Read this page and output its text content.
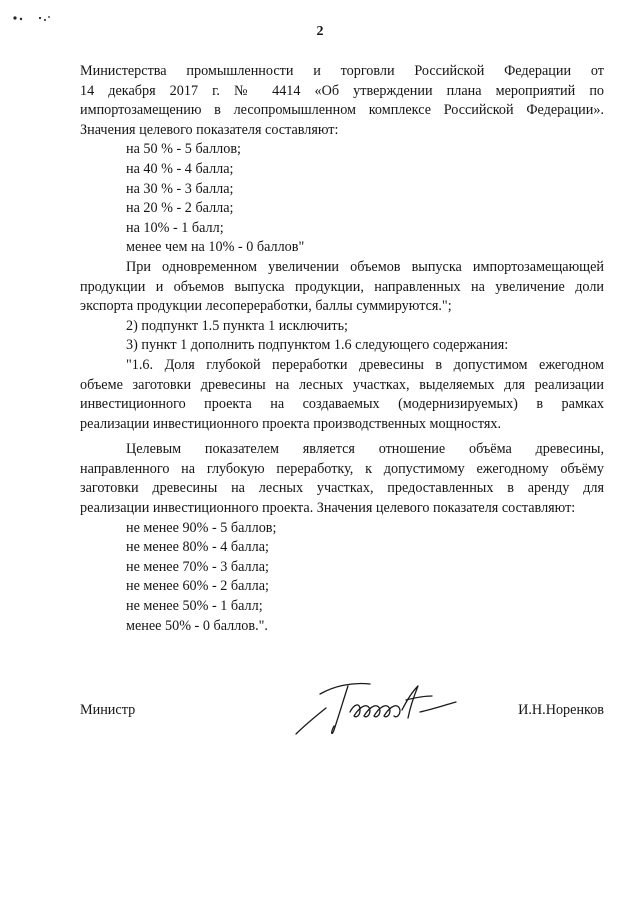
2
Министерства промышленности и торговли Российской Федерации от
14 декабря 2017 г. № 4414 «Об утверждении плана мероприятий по
импортозамещению в лесопромышленном комплексе Российской Федерации».
Значения целевого показателя составляют:
на 50 % - 5 баллов;
на 40 % - 4 балла;
на 30 % - 3 балла;
на 20 % - 2 балла;
на 10% - 1 балл;
менее чем на 10% - 0 баллов"
При одновременном увеличении объемов выпуска импортозамещающей
продукции и объемов выпуска продукции, направленных на увеличение доли
экспорта продукции лесопереработки, баллы суммируются.";
2) подпункт 1.5 пункта 1 исключить;
3) пункт 1 дополнить подпунктом 1.6 следующего содержания:
"1.6. Доля глубокой переработки древесины в допустимом ежегодном
объеме заготовки древесины на лесных участках, выделяемых для реализации
инвестиционного проекта на создаваемых (модернизируемых) в рамках
реализации инвестиционного проекта производственных мощностях.
Целевым показателем является отношение объёма древесины,
направленного на глубокую переработку, к допустимому ежегодному объёму
заготовки древесины на лесных участках, предоставленных в аренду для
реализации инвестиционного проекта. Значения целевого показателя составляют:
не менее 90% - 5 баллов;
не менее 80% - 4 балла;
не менее 70% - 3 балла;
не менее 60% - 2 балла;
не менее 50% - 1 балл;
менее 50% - 0 баллов.".
Министр	И.Н.Норенков
